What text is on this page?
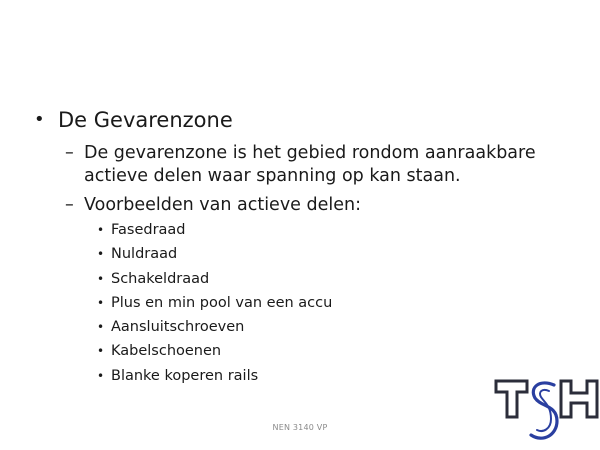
• De Gevarenzone
– De gevarenzone is het gebied rondom aanraakbare actieve delen waar spanning op kan staan.
– Voorbeelden van actieve delen:
• Fasedraad
• Nuldraad
• Schakeldraad
• Plus en min pool van een accu
• Aansluitschroeven
• Kabelschoenen
• Blanke koperen rails
NEN 3140 VP
